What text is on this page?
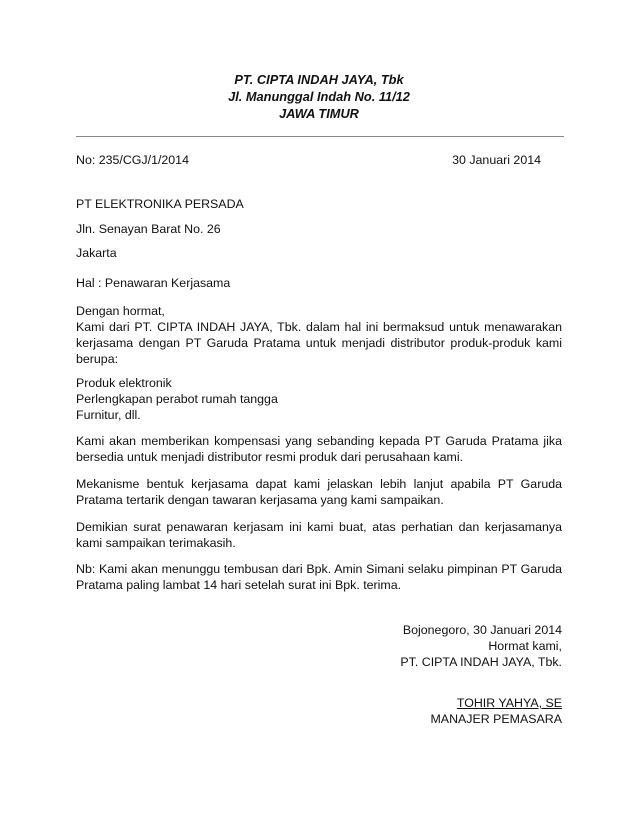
PT. CIPTA INDAH JAYA, Tbk
Jl. Manunggal Indah No. 11/12
JAWA TIMUR
No: 235/CGJ/1/2014	30 Januari 2014
PT ELEKTRONIKA PERSADA
Jln. Senayan Barat No. 26
Jakarta
Hal : Penawaran Kerjasama
Dengan hormat,
Kami dari PT. CIPTA INDAH JAYA, Tbk. dalam hal ini bermaksud untuk menawarakan kerjasama dengan PT Garuda Pratama untuk menjadi distributor produk-produk kami berupa:
Produk elektronik
Perlengkapan perabot rumah tangga
Furnitur, dll.
Kami akan memberikan kompensasi yang sebanding kepada PT Garuda Pratama jika bersedia untuk menjadi distributor resmi produk dari perusahaan kami.
Mekanisme bentuk kerjasama dapat kami jelaskan lebih lanjut apabila PT Garuda Pratama tertarik dengan tawaran kerjasama yang kami sampaikan.
Demikian surat penawaran kerjasam ini kami buat, atas perhatian dan kerjasamanya kami sampaikan terimakasih.
Nb: Kami akan menunggu tembusan dari Bpk. Amin Simani selaku pimpinan PT Garuda Pratama paling lambat 14 hari setelah surat ini Bpk. terima.
Bojonegoro, 30 Januari 2014
Hormat kami,
PT. CIPTA INDAH JAYA, Tbk.
TOHIR YAHYA, SE
MANAJER PEMASARA
